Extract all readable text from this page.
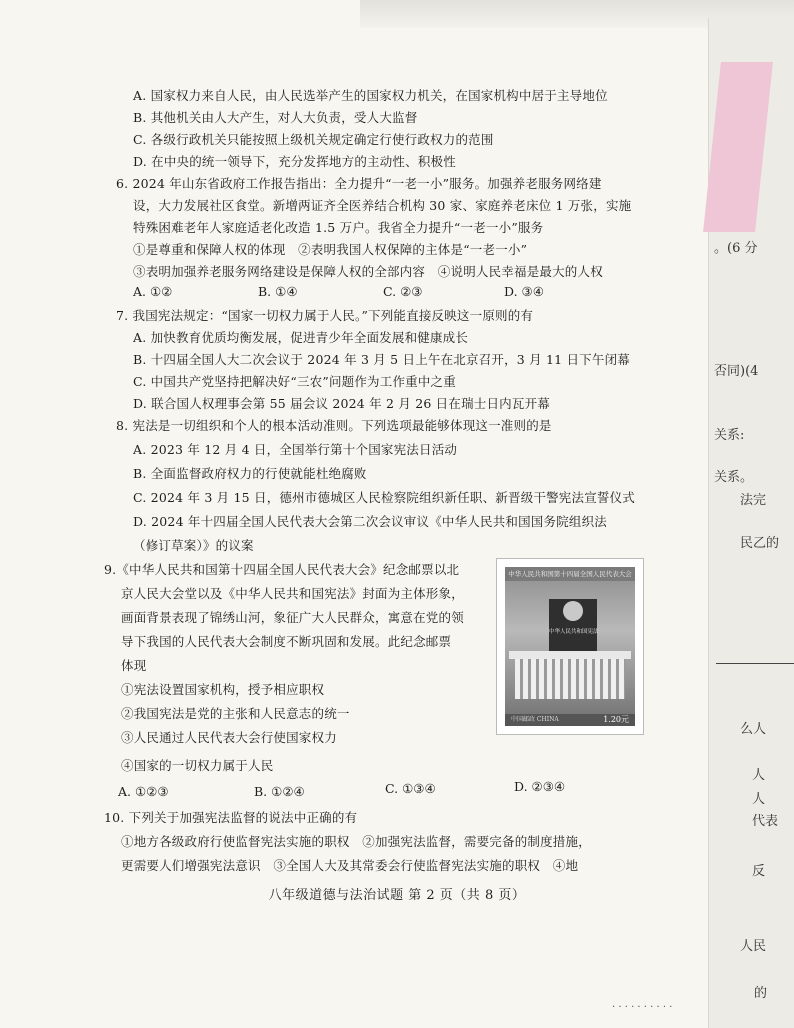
。(6 分
否同)(4
关系:
关系。
法完
民乙的
么人
人
人
代表
反
人民
的
A. 国家权力来自人民，由人民选举产生的国家权力机关，在国家机构中居于主导地位
B. 其他机关由人大产生，对人大负责，受人大监督
C. 各级行政机关只能按照上级机关规定确定行使行政权力的范围
D. 在中央的统一领导下，充分发挥地方的主动性、积极性
6. 2024 年山东省政府工作报告指出：全力提升“一老一小”服务。加强养老服务网络建
设，大力发展社区食堂。新增两证齐全医养结合机构 30 家、家庭养老床位 1 万张，实施
特殊困难老年人家庭适老化改造 1.5 万户。我省全力提升“一老一小”服务
①是尊重和保障人权的体现　②表明我国人权保障的主体是“一老一小”
③表明加强养老服务网络建设是保障人权的全部内容　④说明人民幸福是最大的人权
A. ①②	B. ①④	C. ②③	D. ③④
7. 我国宪法规定：“国家一切权力属于人民。”下列能直接反映这一原则的有
A. 加快教育优质均衡发展，促进青少年全面发展和健康成长
B. 十四届全国人大二次会议于 2024 年 3 月 5 日上午在北京召开，3 月 11 日下午闭幕
C. 中国共产党坚持把解决好“三农”问题作为工作重中之重
D. 联合国人权理事会第 55 届会议 2024 年 2 月 26 日在瑞士日内瓦开幕
8. 宪法是一切组织和个人的根本活动准则。下列选项最能够体现这一准则的是
A. 2023 年 12 月 4 日，全国举行第十个国家宪法日活动
B. 全面监督政府权力的行使就能杜绝腐败
C. 2024 年 3 月 15 日，德州市德城区人民检察院组织新任职、新晋级干警宪法宣誓仪式
D. 2024 年十四届全国人民代表大会第二次会议审议《中华人民共和国国务院组织法
（修订草案）》的议案
9.《中华人民共和国第十四届全国人民代表大会》纪念邮票以北
京人民大会堂以及《中华人民共和国宪法》封面为主体形象，
画面背景表现了锦绣山河，象征广大人民群众，寓意在党的领
导下我国的人民代表大会制度不断巩固和发展。此纪念邮票
体现
①宪法设置国家机构，授予相应职权
②我国宪法是党的主张和人民意志的统一
③人民通过人民代表大会行使国家权力
④国家的一切权力属于人民
A. ①②③	B. ①②④	C. ①③④	D. ②③④
10. 下列关于加强宪法监督的说法中正确的有
①地方各级政府行使监督宪法实施的职权　②加强宪法监督，需要完备的制度措施，
更需要人们增强宪法意识　③全国人大及其常委会行使监督宪法实施的职权　④地
中华人民共和国第十四届全国人民代表大会
中华人民共和国宪法
中国邮政 CHINA	1.20元
八年级道德与法治试题 第 2 页（共 8 页）
· · · · · · · · · ·
